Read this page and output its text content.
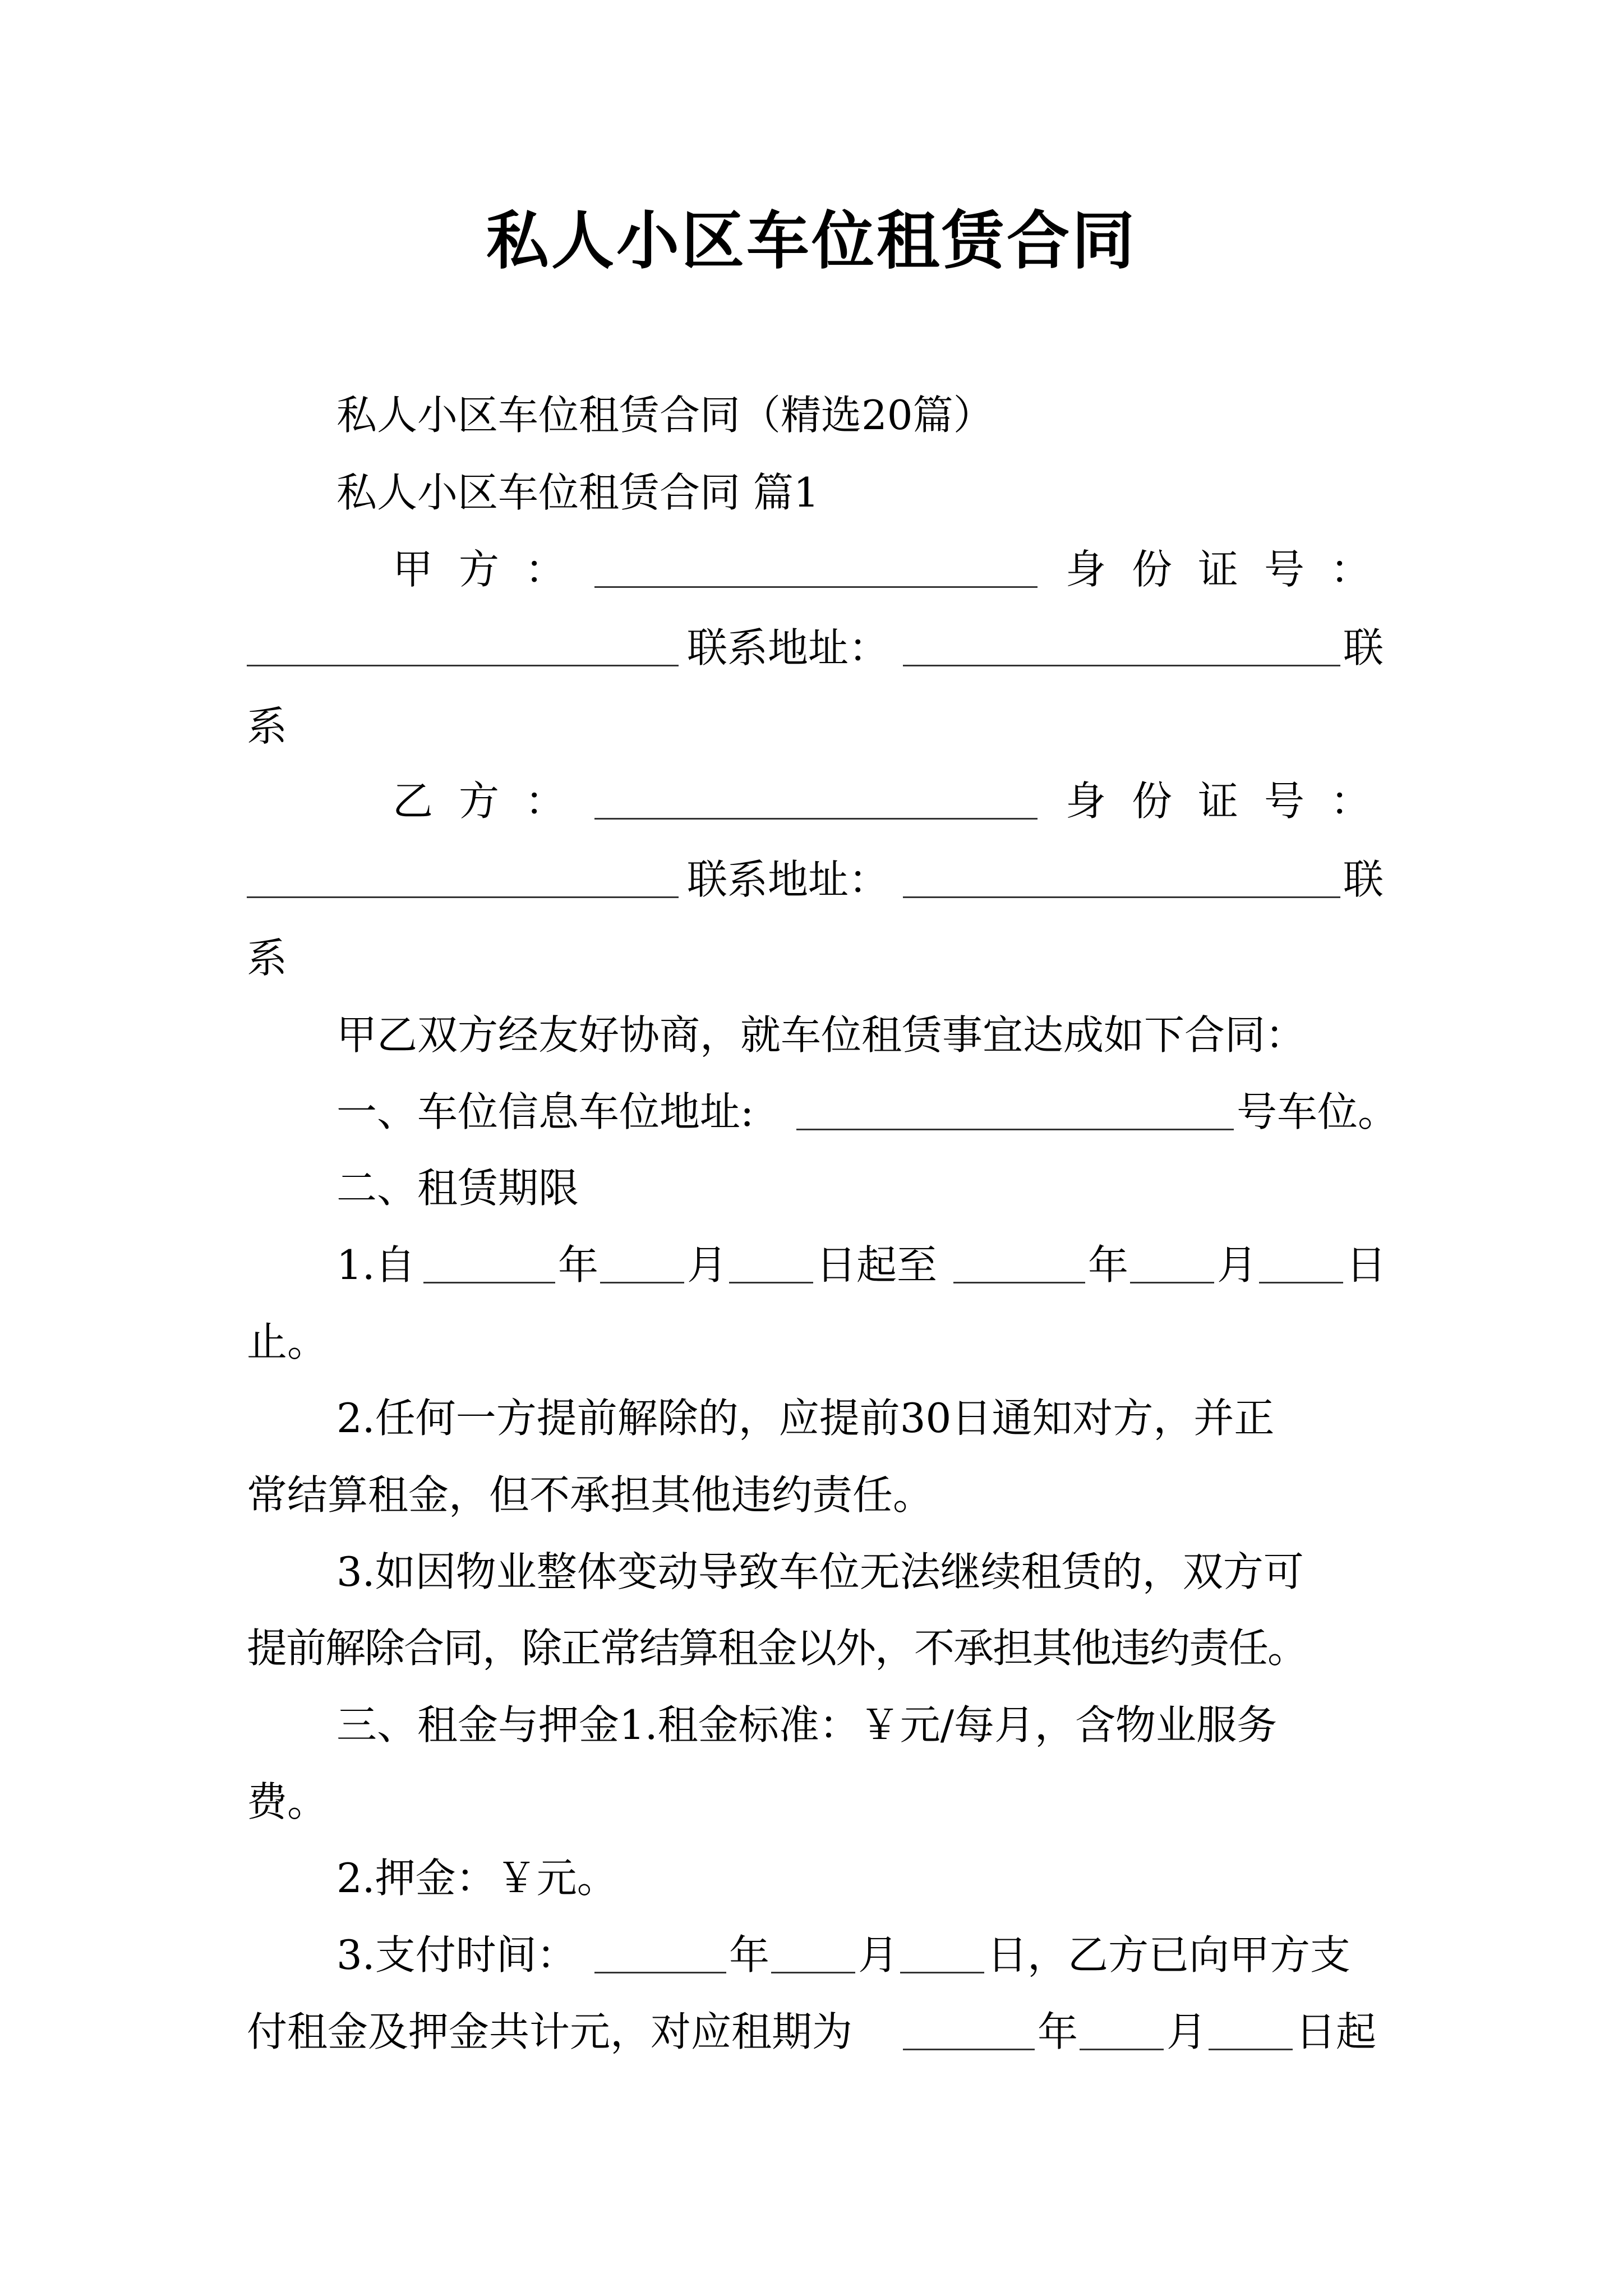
私人小区车位租赁合同
私人小区车位租赁合同（精选20篇）
私人小区车位租赁合同 篇1
甲方：	身份证号：
联系地址：	联
系
乙方：	身份证号：
联系地址：	联
系
甲乙双方经友好协商，就车位租赁事宜达成如下合同：
一、车位信息车位地址:	号车位。
二、租赁期限
1.自	年 月 日起至	年 月 日
止。
2.任何一方提前解除的，应提前30日通知对方，并正
常结算租金，但不承担其他违约责任。
3.如因物业整体变动导致车位无法继续租赁的，双方可
提前解除合同，除正常结算租金以外，不承担其他违约责任。
三、租金与押金1.租金标准：￥元/每月，含物业服务
费。
2.押金：￥元。
3.支付时间：	年 月 日，乙方已向甲方支
付租金及押金共计元，对应租期为	年 月 日起
